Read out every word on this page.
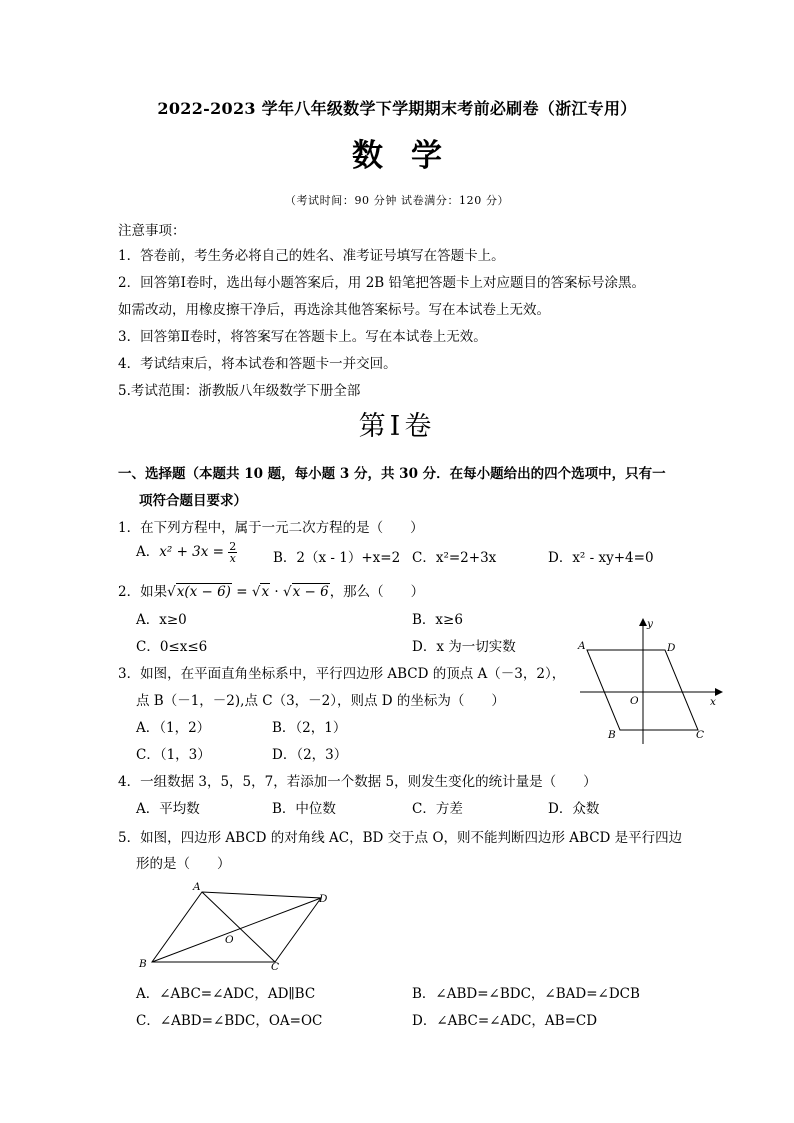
2022-2023 学年八年级数学下学期期末考前必刷卷（浙江专用）
数学
（考试时间：90 分钟 试卷满分：120 分）
注意事项：
1．答卷前，考生务必将自己的姓名、准考证号填写在答题卡上。
2．回答第Ⅰ卷时，选出每小题答案后，用 2B 铅笔把答题卡上对应题目的答案标号涂黑。
如需改动，用橡皮擦干净后，再选涂其他答案标号。写在本试卷上无效。
3．回答第Ⅱ卷时，将答案写在答题卡上。写在本试卷上无效。
4．考试结束后，将本试卷和答题卡一并交回。
5.考试范围：浙教版八年级数学下册全部
第Ⅰ卷
一、选择题（本题共 10 题，每小题 3 分，共 30 分．在每小题给出的四个选项中，只有一
项符合题目要求）
1．在下列方程中，属于一元二次方程的是（　　）
A．$x^2 + 3x = \frac{2}{x}$	B．2（x - 1）+x=2 C．x²=2+3x	D．x² - xy+4=0
2．如果√x(x − 6) = √x · √x − 6，那么（　　）
A．x≥0	B．x≥6
C．0≤x≤6	D．x 为一切实数
3．如图，在平面直角坐标系中，平行四边形 ABCD 的顶点 A（－3，2），
点 B（－1，－2),点 C（3，－2），则点 D 的坐标为（　　）
A．（1，2）	B．（2，1）
C．（1，3）	D．（2，3）
y
x
A	D
O
B	C
4．一组数据 3，5，5，7，若添加一个数据 5，则发生变化的统计量是（　　）
A．平均数	B．中位数	C．方差	D．众数
5．如图，四边形 ABCD 的对角线 AC，BD 交于点 O，则不能判断四边形 ABCD 是平行四边
形的是（　　）
A
D
O
B	C
A．∠ABC=∠ADC，AD∥BC	B．∠ABD=∠BDC，∠BAD=∠DCB
C．∠ABD=∠BDC，OA=OC	D．∠ABC=∠ADC，AB=CD
